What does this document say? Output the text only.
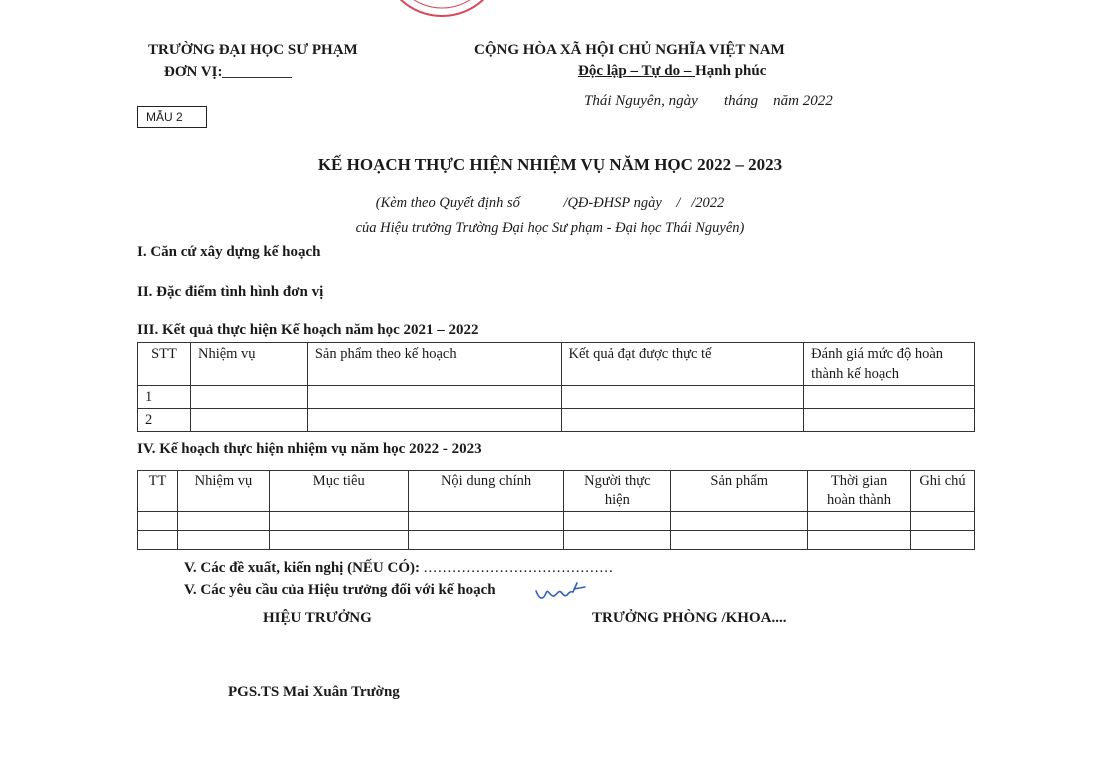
TRƯỜNG ĐẠI HỌC SƯ PHẠM
ĐƠN VỊ:
CỘNG HÒA XÃ HỘI CHỦ NGHĨA VIỆT NAM
Độc lập – Tự do – Hạnh phúc
Thái Nguyên, ngày       tháng    năm 2022
MẪU 2
KẾ HOẠCH THỰC HIỆN NHIỆM VỤ NĂM HỌC 2022 – 2023
(Kèm theo Quyết định số            /QĐ-ĐHSP ngày    /   /2022
của Hiệu trưởng Trường Đại học Sư phạm - Đại học Thái Nguyên)
I. Căn cứ xây dựng kế hoạch
II. Đặc điểm tình hình đơn vị
III. Kết quả thực hiện Kế hoạch năm học 2021 – 2022
STT	Nhiệm vụ	Sản phẩm theo kế hoạch	Kết quả đạt được thực tế	Đánh giá mức độ hoàn thành kế hoạch
1				
2				
IV. Kế hoạch thực hiện nhiệm vụ năm học 2022 - 2023
TT	Nhiệm vụ	Mục tiêu	Nội dung chính	Người thực hiện	Sản phẩm	Thời gian hoàn thành	Ghi chú

V. Các đề xuất, kiến nghị (NẾU CÓ): ........................................
V. Các yêu cầu của Hiệu trưởng đối với kế hoạch
HIỆU TRƯỞNG	TRƯỞNG PHÒNG /KHOA....
PGS.TS Mai Xuân Trường
